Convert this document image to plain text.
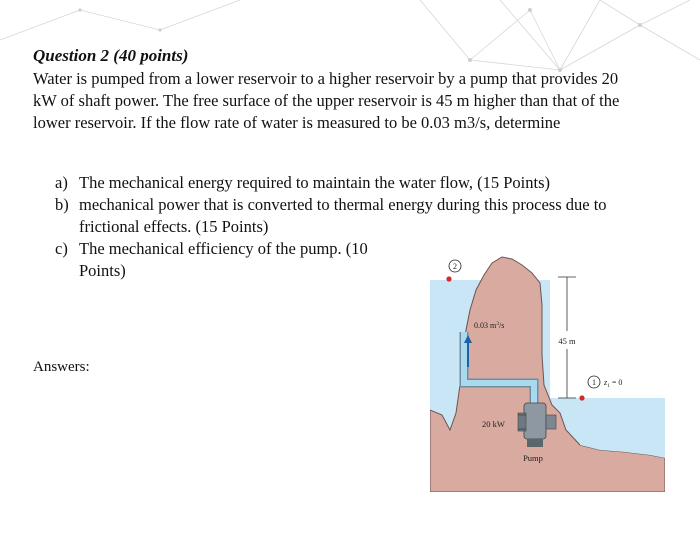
Question 2 (40 points)

Water is pumped from a lower reservoir to a higher reservoir by a pump that provides 20 kW of shaft power. The free surface of the upper reservoir is 45 m higher than that of the lower reservoir. If the flow rate of water is measured to be 0.03 m3/s, determine

a) The mechanical energy required to maintain the water flow, (15 Points)
b) mechanical power that is converted to thermal energy during this process due to frictional effects. (15 Points)
c) The mechanical efficiency of the pump. (10 Points)
Answers:
45 m
0.03 $m^3/s$
20 kW
Pump
2
1 $z_1 = 0$
